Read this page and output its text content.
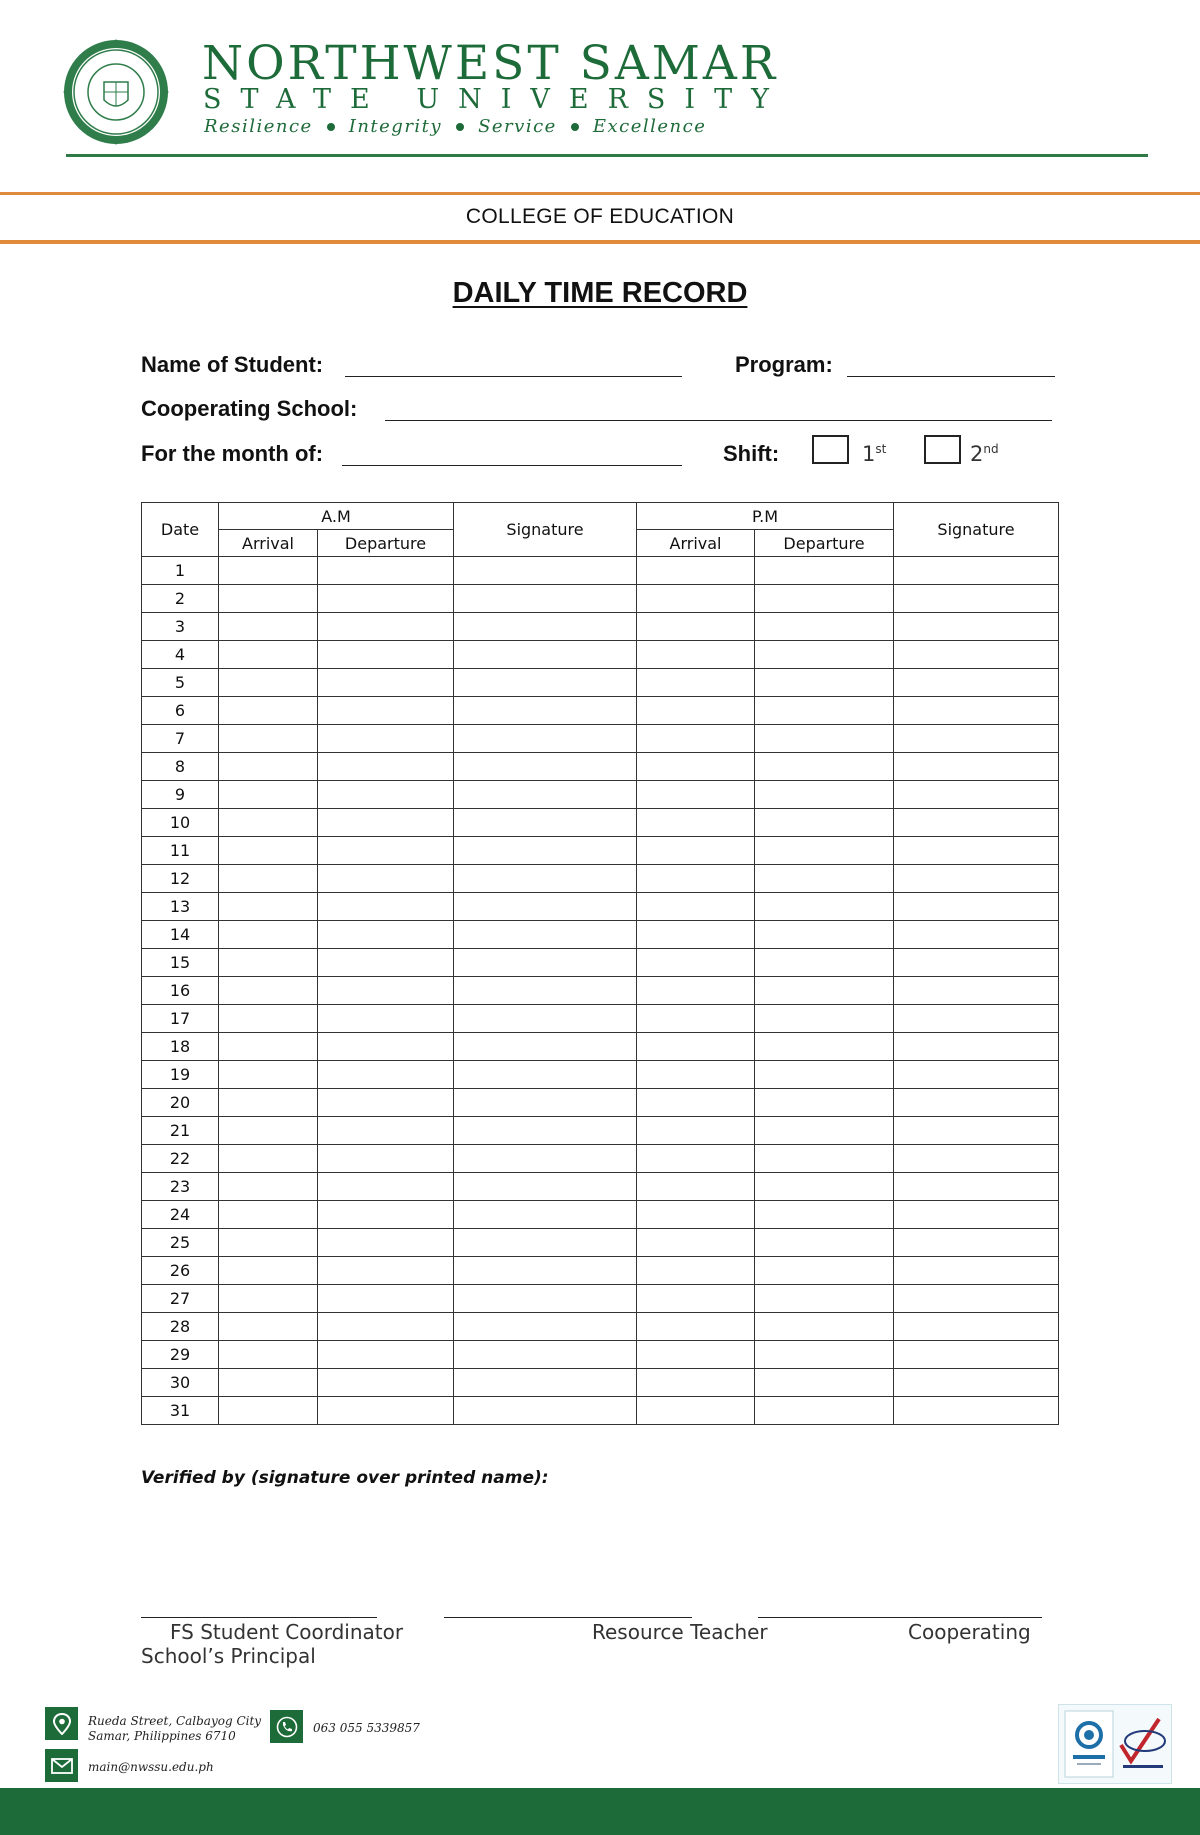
NORTHWEST SAMAR
STATE UNIVERSITY
Resilience Integrity Service Excellence
COLLEGE OF EDUCATION
DAILY TIME RECORD
Name of Student:	Program:
Cooperating School:
For the month of:	Shift:	1st	2nd
Date	A.M		Signature	P.M		Signature
	Arrival	Departure		Arrival	Departure	
1						
2						
3						
4						
5						
6						
7						
8						
9						
10						
11						
12						
13						
14						
15						
16						
17						
18						
19						
20						
21						
22						
23						
24						
25						
26						
27						
28						
29						
30						
31						
Verified by (signature over printed name):
FS Student Coordinator	Resource Teacher	Cooperating
School’s Principal
Rueda Street, Calbayog City
Samar, Philippines 6710
063 055 5339857
main@nwssu.edu.ph
